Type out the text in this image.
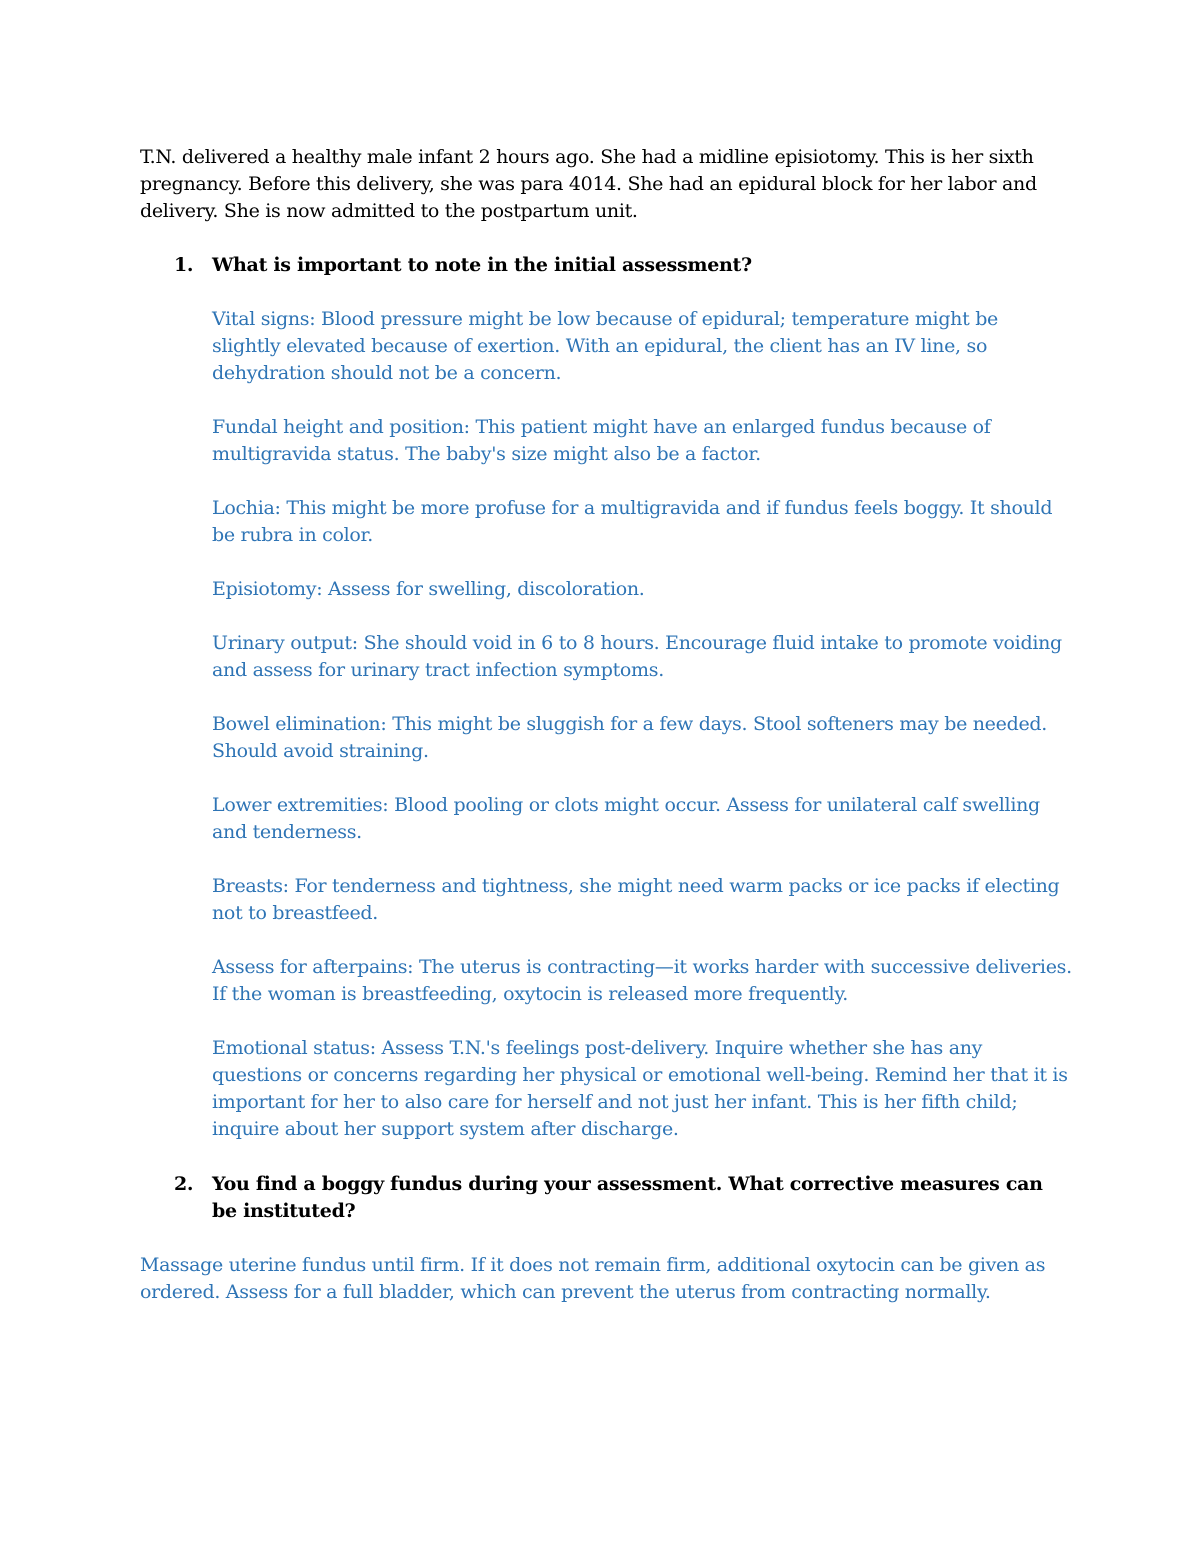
T.N. delivered a healthy male infant 2 hours ago. She had a midline episiotomy. This is her sixth pregnancy. Before this delivery, she was para 4014. She had an epidural block for her labor and delivery. She is now admitted to the postpartum unit.

1. What is important to note in the initial assessment?
Vital signs: Blood pressure might be low because of epidural; temperature might be slightly elevated because of exertion. With an epidural, the client has an IV line, so dehydration should not be a concern.
Fundal height and position: This patient might have an enlarged fundus because of multigravida status. The baby's size might also be a factor.
Lochia: This might be more profuse for a multigravida and if fundus feels boggy. It should be rubra in color.
Episiotomy: Assess for swelling, discoloration.
Urinary output: She should void in 6 to 8 hours. Encourage fluid intake to promote voiding and assess for urinary tract infection symptoms.
Bowel elimination: This might be sluggish for a few days. Stool softeners may be needed. Should avoid straining.
Lower extremities: Blood pooling or clots might occur. Assess for unilateral calf swelling and tenderness.
Breasts: For tenderness and tightness, she might need warm packs or ice packs if electing not to breastfeed.
Assess for afterpains: The uterus is contracting—it works harder with successive deliveries. If the woman is breastfeeding, oxytocin is released more frequently.
Emotional status: Assess T.N.'s feelings post-delivery. Inquire whether she has any questions or concerns regarding her physical or emotional well-being. Remind her that it is important for her to also care for herself and not just her infant. This is her fifth child; inquire about her support system after discharge.
2. You find a boggy fundus during your assessment. What corrective measures can be instituted?

Massage uterine fundus until firm. If it does not remain firm, additional oxytocin can be given as ordered. Assess for a full bladder, which can prevent the uterus from contracting normally.
